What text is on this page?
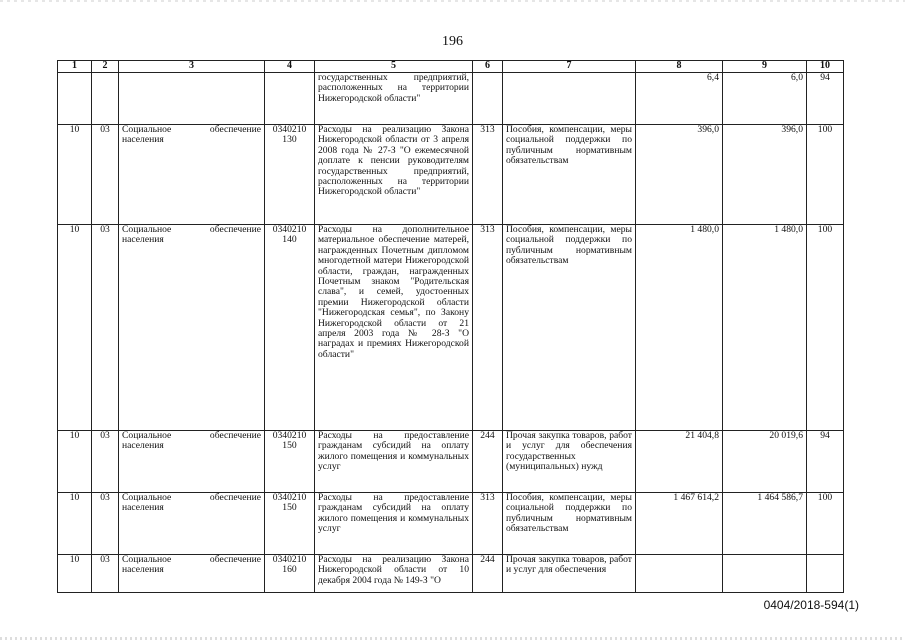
196
1	2	3	4	5	6	7	8	9	10
				государственных предприятий, расположенных на территории Нижегородской области"			6,4	6,0	94
10	03	Социальное обеспечение населения	0340210 130	Расходы на реализацию Закона Нижегородской области от 3 апреля 2008 года № 27-З "О ежемесячной доплате к пенсии руководителям государственных предприятий, расположенных на территории Нижегородской области"	313	Пособия, компенсации, меры социальной поддержки по публичным нормативным обязательствам	396,0	396,0	100
10	03	Социальное обеспечение населения	0340210 140	Расходы на дополнительное материальное обеспечение матерей, награжденных Почетным дипломом многодетной матери Нижегородской области, граждан, награжденных Почетным знаком "Родительская слава", и семей, удостоенных премии Нижегородской области "Нижегородская семья", по Закону Нижегородской области от 21 апреля 2003 года № 28-З "О наградах и премиях Нижегородской области"	313	Пособия, компенсации, меры социальной поддержки по публичным нормативным обязательствам	1 480,0	1 480,0	100
10	03	Социальное обеспечение населения	0340210 150	Расходы на предоставление гражданам субсидий на оплату жилого помещения и коммунальных услуг	244	Прочая закупка товаров, работ и услуг для обеспечения государственных (муниципальных) нужд	21 404,8	20 019,6	94
10	03	Социальное обеспечение населения	0340210 150	Расходы на предоставление гражданам субсидий на оплату жилого помещения и коммунальных услуг	313	Пособия, компенсации, меры социальной поддержки по публичным нормативным обязательствам	1 467 614,2	1 464 586,7	100
10	03	Социальное обеспечение населения	0340210 160	Расходы на реализацию Закона Нижегородской области от 10 декабря 2004 года № 149-З "О	244	Прочая закупка товаров, работ и услуг для обеспечения			
0404/2018-594(1)
